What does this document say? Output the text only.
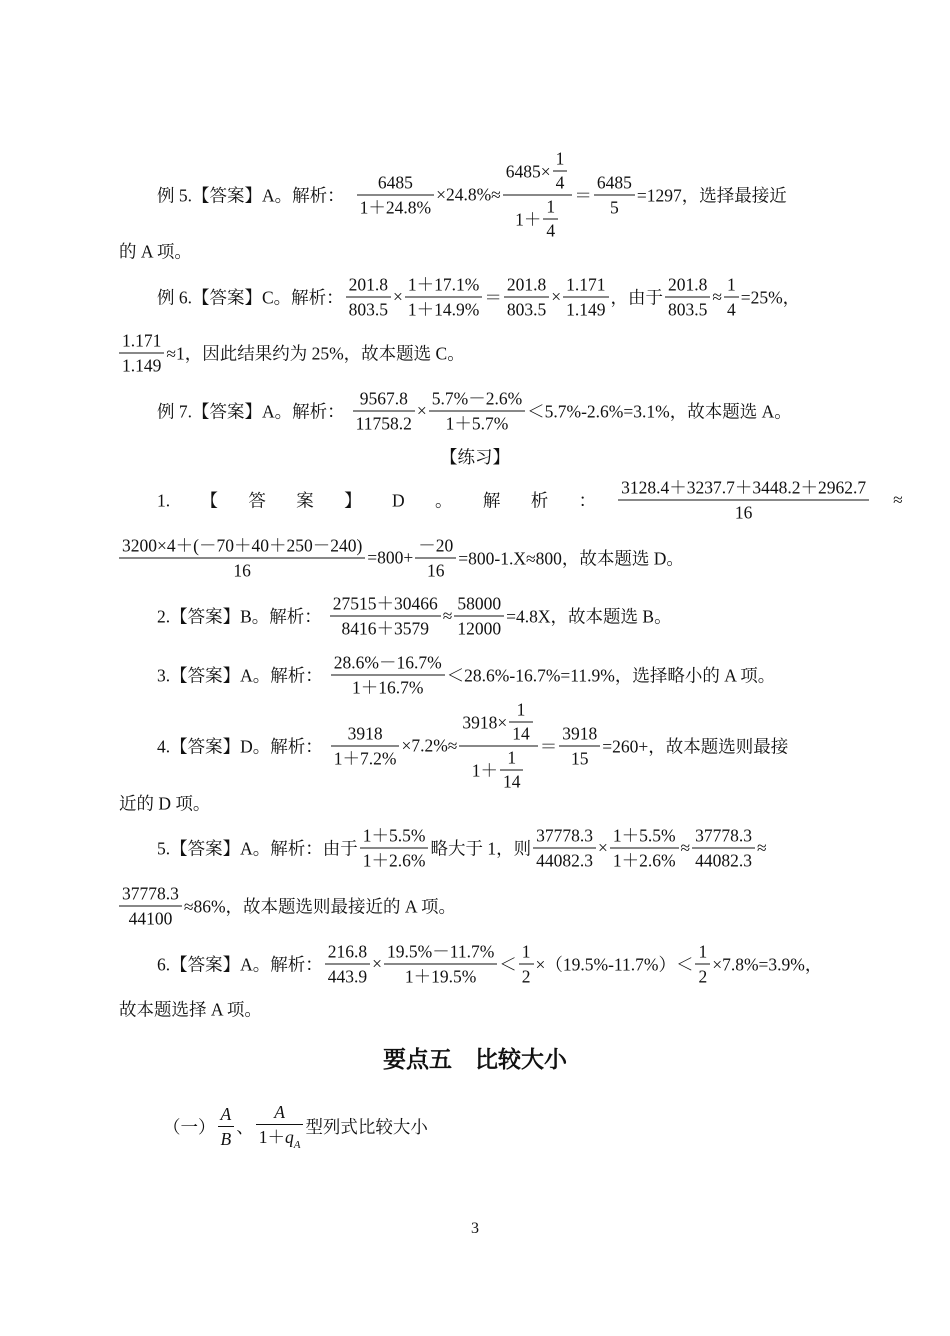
例 5.【答案】A。解析： $\frac{6485}{1+24.8\%} \times 24.8\%\approx \frac{6485 \times \frac{1}{4}}{1+ \frac{1}{4}} = \frac{6485}{5} =1297$，选择最接近
的 A 项。
例 6.【答案】C。解析： $\frac{201.8}{803.5} \times \frac{1+17.1\%}{1+14.9\%} = \frac{201.8}{803.5} \times \frac{1.171}{1.149}$ ，由于 $\frac{201.8}{803.5} \approx \frac{1}{4} =25\%$，
$\frac{1.171}{1.149} \approx 1$，因此结果约为 25%，故本题选 C。
例 7.【答案】A。解析： $\frac{9567.8}{11758.2} \times \frac{5.7\%-2.6\%}{1+5.7\%} <5.7\%-2.6\%=3.1\%$，故本题选 A。
【练习】
1. 【 答 案 】 D 。 解 析 ：	$\frac{3128.4+3237.7+3448.2+2962.7}{16}$ ≈
$\frac{3200\times 4+(-70+40+250-240)}{16} =800+ \frac{-20}{16} =800-1.X\approx 800$，故本题选 D。
2.【答案】B。解析： $\frac{27515+30466}{8416+3579} \approx \frac{58000}{12000} =4.8X$，故本题选 B。
3.【答案】A。解析： $\frac{28.6\%-16.7\%}{1+16.7\%} <28.6\%-16.7\%=11.9\%$，选择略小的 A 项。
4.【答案】D。解析： $\frac{3918}{1+7.2\%} \times 7.2\%\approx \frac{3918 \times \frac{1}{14}}{1+ \frac{1}{14}} = \frac{3918}{15} =260+$，故本题选则最接
近的 D 项。
5.【答案】A。解析：由于 $\frac{1+5.5\%}{1+2.6\%}$ 略大于 1，则 $\frac{37778.3}{44082.3} \times \frac{1+5.5\%}{1+2.6\%} \approx \frac{37778.3}{44082.3}$ ≈
$\frac{37778.3}{44100} \approx 86\%$，故本题选则最接近的 A 项。
6.【答案】A。解析： $\frac{216.8}{443.9} \times \frac{19.5\%-11.7\%}{1+19.5\%} < \frac{1}{2} \times(19.5\%-11.7\%)< \frac{1}{2} \times 7.8\%=3.9\%$，
故本题选择 A 项。
要点五　比较大小
（一） $\frac{A}{B}$ 、 $\frac{A}{1+q_A}$ 型列式比较大小
3
